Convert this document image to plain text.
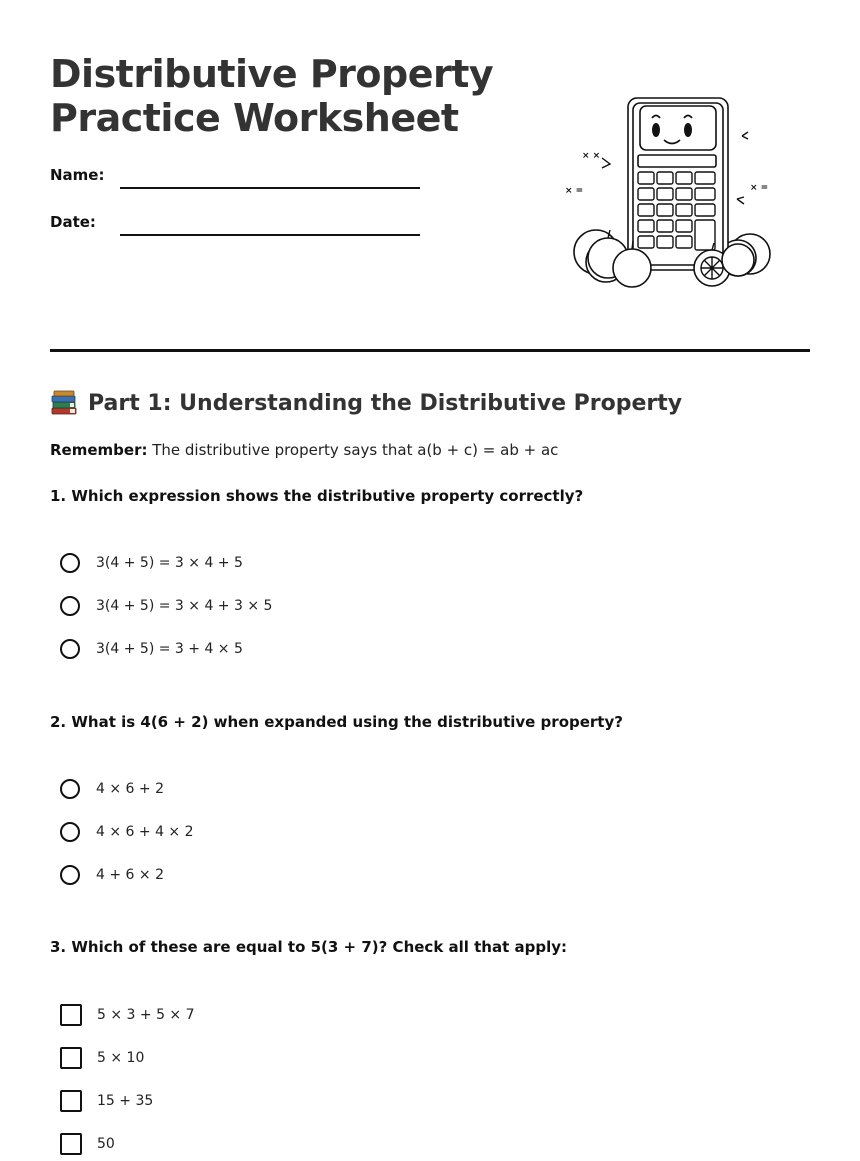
Distributive Property
Practice Worksheet
Name:
Date:
× ×
× =	× =
Part 1: Understanding the Distributive Property
Remember: The distributive property says that a(b + c) = ab + ac
1. Which expression shows the distributive property correctly?
3(4 + 5) = 3 × 4 + 5
3(4 + 5) = 3 × 4 + 3 × 5
3(4 + 5) = 3 + 4 × 5
2. What is 4(6 + 2) when expanded using the distributive property?
4 × 6 + 2
4 × 6 + 4 × 2
4 + 6 × 2
3. Which of these are equal to 5(3 + 7)? Check all that apply:
5 × 3 + 5 × 7
5 × 10
15 + 35
50
